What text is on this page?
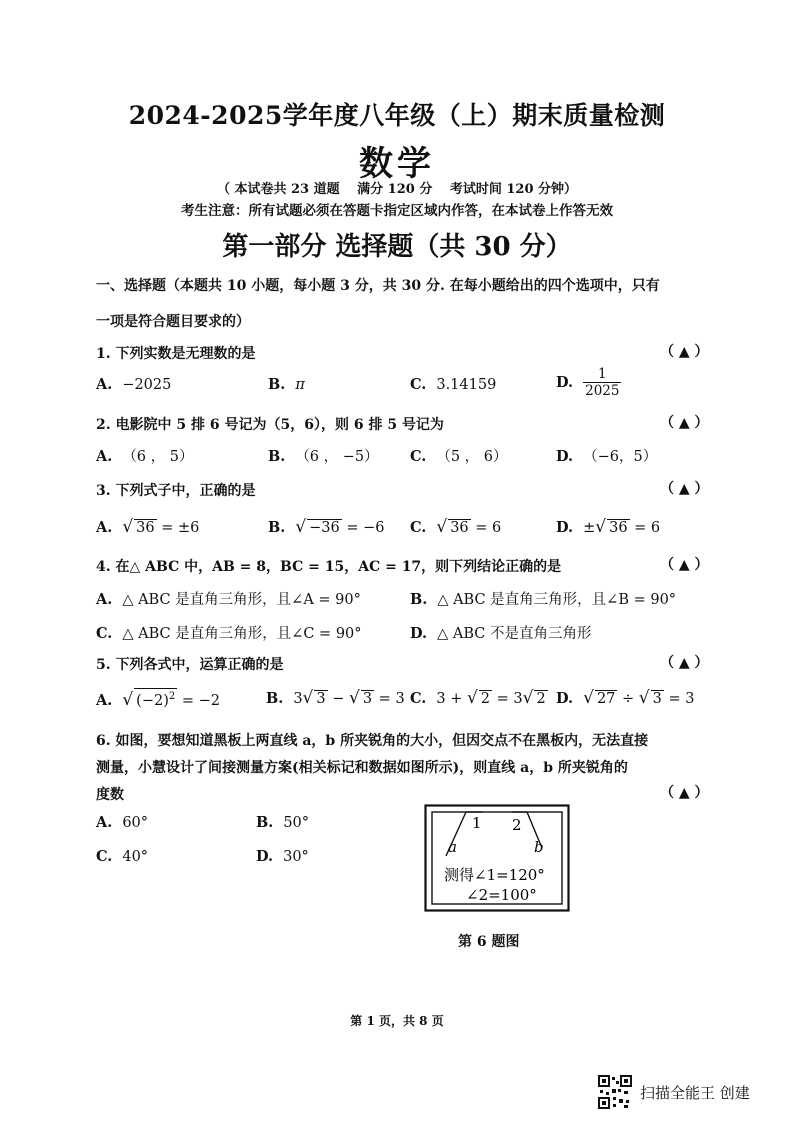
2024-2025学年度八年级（上）期末质量检测
数学
（ 本试卷共 23 道题　 满分 120 分　 考试时间 120 分钟）
考生注意：所有试题必须在答题卡指定区域内作答，在本试卷上作答无效
第一部分 选择题（共 30 分）
一、选择题（本题共 10 小题，每小题 3 分，共 30 分. 在每小题给出的四个选项中，只有
一项是符合题目要求的）
1. 下列实数是无理数的是	（ ▲ ）
A. −2025	B. π	C. 3.14159	D. $\frac{1}{2025}$
2. 电影院中 5 排 6 号记为（5，6），则 6 排 5 号记为	（ ▲ ）
A. （6 ， 5）	B. （6 ， −5） C. （5 ， 6）	D. （−6，5）
3. 下列式子中，正确的是	（ ▲ ）
A. √ 36 = ±6	B. √ −36 = −6 C. √ 36 = 6	D. ±√ 36 = 6
4. 在△ ABC 中，AB = 8，BC = 15，AC = 17，则下列结论正确的是	（ ▲ ）
A. △ ABC 是直角三角形，且∠A = 90°	B. △ ABC 是直角三角形，且∠B = 90°
C. △ ABC 是直角三角形，且∠C = 90°	D. △ ABC 不是直角三角形
5. 下列各式中，运算正确的是	（ ▲ ）
A. √ $(-2)^2 = -2$	B. 3√ 3 − √ 3 = 3 C. 3 + √ 2 = 3√ 2 D. √ 27 ÷ √ 3 = 3
6. 如图，要想知道黑板上两直线 a，b 所夹锐角的大小，但因交点不在黑板内，无法直接
测量，小慧设计了间接测量方案(相关标记和数据如图所示)，则直线 a，b 所夹锐角的
度数	（ ▲ ）
A. 60°	B. 50°
C. 40°	D. 30°
1 2
a	b
测得∠1=120°
∠2=100°
第 6 题图
第 1 页，共 8 页
扫描全能王 创建
